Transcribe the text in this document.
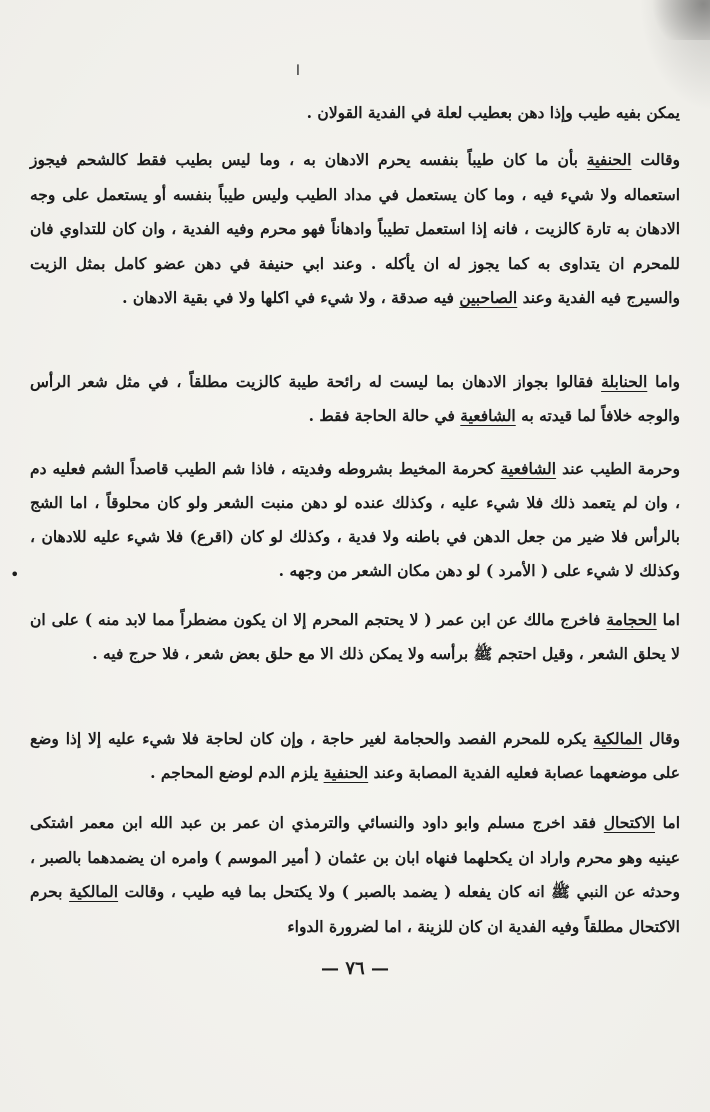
ا

يمكن بفيه طيب وإذا دهن بعطيب لعلة في الفدية القولان .

وقالت الحنفية بأن ما كان طيباً بنفسه يحرم الادهان به ، وما ليس بطيب فقط كالشحم فيجوز استعماله ولا شيء فيه ، وما كان يستعمل في مداد الطيب وليس طيباً بنفسه أو يستعمل على وجه الادهان به تارة كالزيت ، فانه إذا استعمل تطيباً وادهاناً فهو محرم وفيه الفدية ، وان كان للتداوي فان للمحرم ان يتداوى به كما يجوز له ان يأكله . وعند ابي حنيفة في دهن عضو كامل بمثل الزيت والسيرج فيه الفدية وعند الصاحبين فيه صدقة ، ولا شيء في اكلها ولا في بقية الادهان .

واما الحنابلة فقالوا بجواز الادهان بما ليست له رائحة طيبة كالزيت مطلقاً ، في مثل شعر الرأس والوجه خلافاً لما قيدته به الشافعية في حالة الحاجة فقط .

وحرمة الطيب عند الشافعية كحرمة المخيط بشروطه وفديته ، فاذا شم الطيب قاصداً الشم فعليه دم ، وان لم يتعمد ذلك فلا شيء عليه ، وكذلك عنده لو دهن منبت الشعر ولو كان محلوقاً ، اما الشج بالرأس فلا ضير من جعل الدهن في باطنه ولا فدية ، وكذلك لو كان (اقرع) فلا شيء عليه للادهان ، وكذلك لا شيء على ( الأمرد ) لو دهن مكان الشعر من وجهه .

•

اما الحجامة فاخرج مالك عن ابن عمر ( لا يحتجم المحرم إلا ان يكون مضطراً مما لابد منه ) على ان لا يحلق الشعر ، وقيل احتجم ﷺ برأسه ولا يمكن ذلك الا مع حلق بعض شعر ، فلا حرج فيه .

وقال المالكية يكره للمحرم الفصد والحجامة لغير حاجة ، وإن كان لحاجة فلا شيء عليه إلا إذا وضع على موضعهما عصابة فعليه الفدية المصابة وعند الحنفية يلزم الدم لوضع المحاجم .

اما الاكتحال فقد اخرج مسلم وابو داود والنسائي والترمذي ان عمر بن عبد الله ابن معمر اشتكى عينيه وهو محرم واراد ان يكحلهما فنهاه ابان بن عثمان ( أمير الموسم ) وامره ان يضمدهما بالصبر ، وحدثه عن النبي ﷺ انه كان يفعله ( يضمد بالصبر ) ولا يكتحل بما فيه طيب ، وقالت المالكية بحرم الاكتحال مطلقاً وفيه الفدية ان كان للزينة ، اما لضرورة الدواء

— ٧٦ —
